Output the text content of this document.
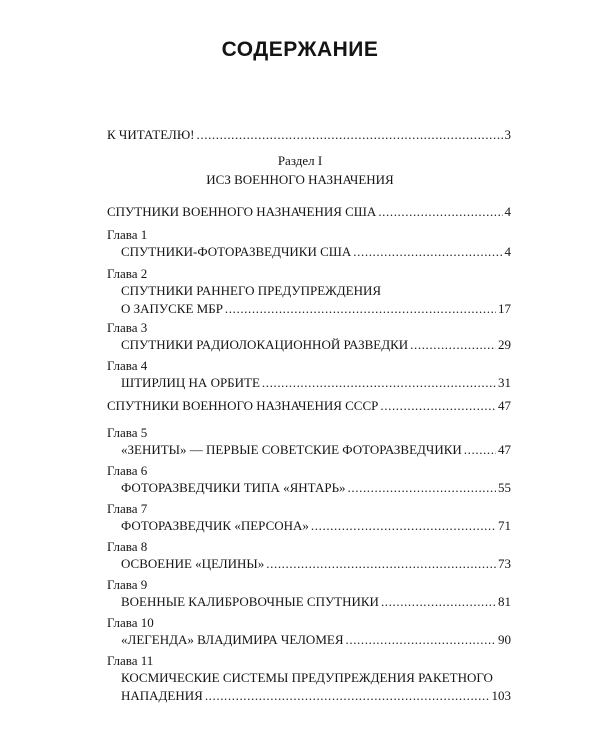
СОДЕРЖАНИЕ
К ЧИТАТЕЛЮ! .....	3
Раздел I
ИСЗ ВОЕННОГО НАЗНАЧЕНИЯ
СПУТНИКИ ВОЕННОГО НАЗНАЧЕНИЯ США .....	4
Глава 1
СПУТНИКИ-ФОТОРАЗВЕДЧИКИ США .....	4
Глава 2
СПУТНИКИ РАННЕГО ПРЕДУПРЕЖДЕНИЯ
О ЗАПУСКЕ МБР .....	17
Глава 3
СПУТНИКИ РАДИОЛОКАЦИОННОЙ РАЗВЕДКИ .....	29
Глава 4
ШТИРЛИЦ НА ОРБИТЕ .....	31
СПУТНИКИ ВОЕННОГО НАЗНАЧЕНИЯ СССР .....	47
Глава 5
«ЗЕНИТЫ» — ПЕРВЫЕ СОВЕТСКИЕ ФОТОРАЗВЕДЧИКИ .....	47
Глава 6
ФОТОРАЗВЕДЧИКИ ТИПА «ЯНТАРЬ» .....	55
Глава 7
ФОТОРАЗВЕДЧИК «ПЕРСОНА» .....	71
Глава 8
ОСВОЕНИЕ «ЦЕЛИНЫ» .....	73
Глава 9
ВОЕННЫЕ КАЛИБРОВОЧНЫЕ СПУТНИКИ .....	81
Глава 10
«ЛЕГЕНДА» ВЛАДИМИРА ЧЕЛОМЕЯ .....	90
Глава 11
КОСМИЧЕСКИЕ СИСТЕМЫ ПРЕДУПРЕЖДЕНИЯ РАКЕТНОГО
НАПАДЕНИЯ .....	103
